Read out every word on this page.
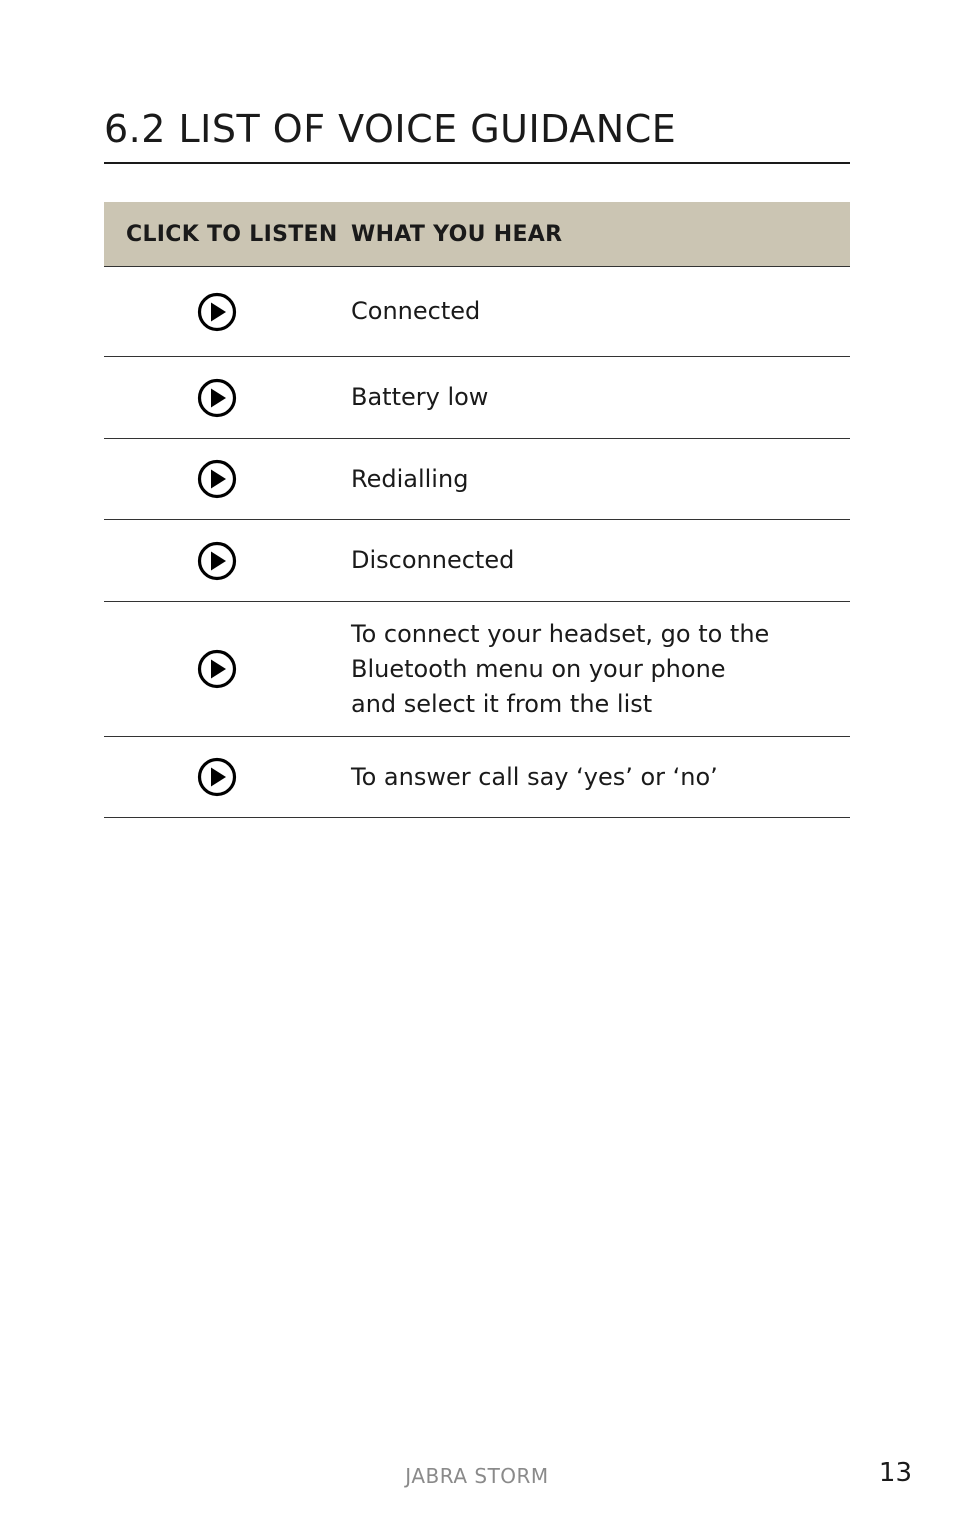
6.2 LIST OF VOICE GUIDANCE
CLICK TO LISTEN WHAT YOU HEAR
Connected
Battery low
Redialling
Disconnected
To connect your headset, go to the Bluetooth menu on your phone and select it from the list
To answer call say ‘yes’ or ‘no’
JABRA STORM	13
